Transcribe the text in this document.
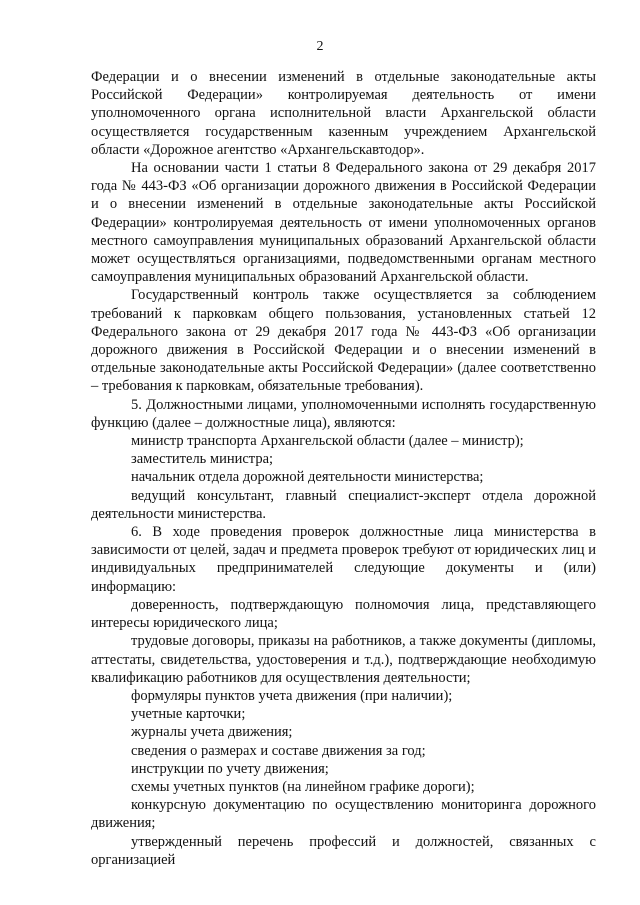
2

Федерации и о внесении изменений в отдельные законодательные акты Российской Федерации» контролируемая деятельность от имени уполномоченного органа исполнительной власти Архангельской области осуществляется государственным казенным учреждением Архангельской области «Дорожное агентство «Архангельскавтодор».

На основании части 1 статьи 8 Федерального закона от 29 декабря 2017 года № 443-ФЗ «Об организации дорожного движения в Российской Федерации и о внесении изменений в отдельные законодательные акты Российской Федерации» контролируемая деятельность от имени уполномоченных органов местного самоуправления муниципальных образований Архангельской области может осуществляться организациями, подведомственными органам местного самоуправления муниципальных образований Архангельской области.

Государственный контроль также осуществляется за соблюдением требований к парковкам общего пользования, установленных статьей 12 Федерального закона от 29 декабря 2017 года № 443-ФЗ «Об организации дорожного движения в Российской Федерации и о внесении изменений в отдельные законодательные акты Российской Федерации» (далее соответственно – требования к парковкам, обязательные требования).

5. Должностными лицами, уполномоченными исполнять государственную функцию (далее – должностные лица), являются:

министр транспорта Архангельской области (далее – министр);

заместитель министра;

начальник отдела дорожной деятельности министерства;

ведущий консультант, главный специалист-эксперт отдела дорожной деятельности министерства.

6. В ходе проведения проверок должностные лица министерства в зависимости от целей, задач и предмета проверок требуют от юридических лиц и индивидуальных предпринимателей следующие документы и (или) информацию:

доверенность, подтверждающую полномочия лица, представляющего интересы юридического лица;

трудовые договоры, приказы на работников, а также документы (дипломы, аттестаты, свидетельства, удостоверения и т.д.), подтверждающие необходимую квалификацию работников для осуществления деятельности;

формуляры пунктов учета движения (при наличии);

учетные карточки;

журналы учета движения;

сведения о размерах и составе движения за год;

инструкции по учету движения;

схемы учетных пунктов (на линейном графике дороги);

конкурсную документацию по осуществлению мониторинга дорожного движения;

утвержденный перечень профессий и должностей, связанных с организацией
